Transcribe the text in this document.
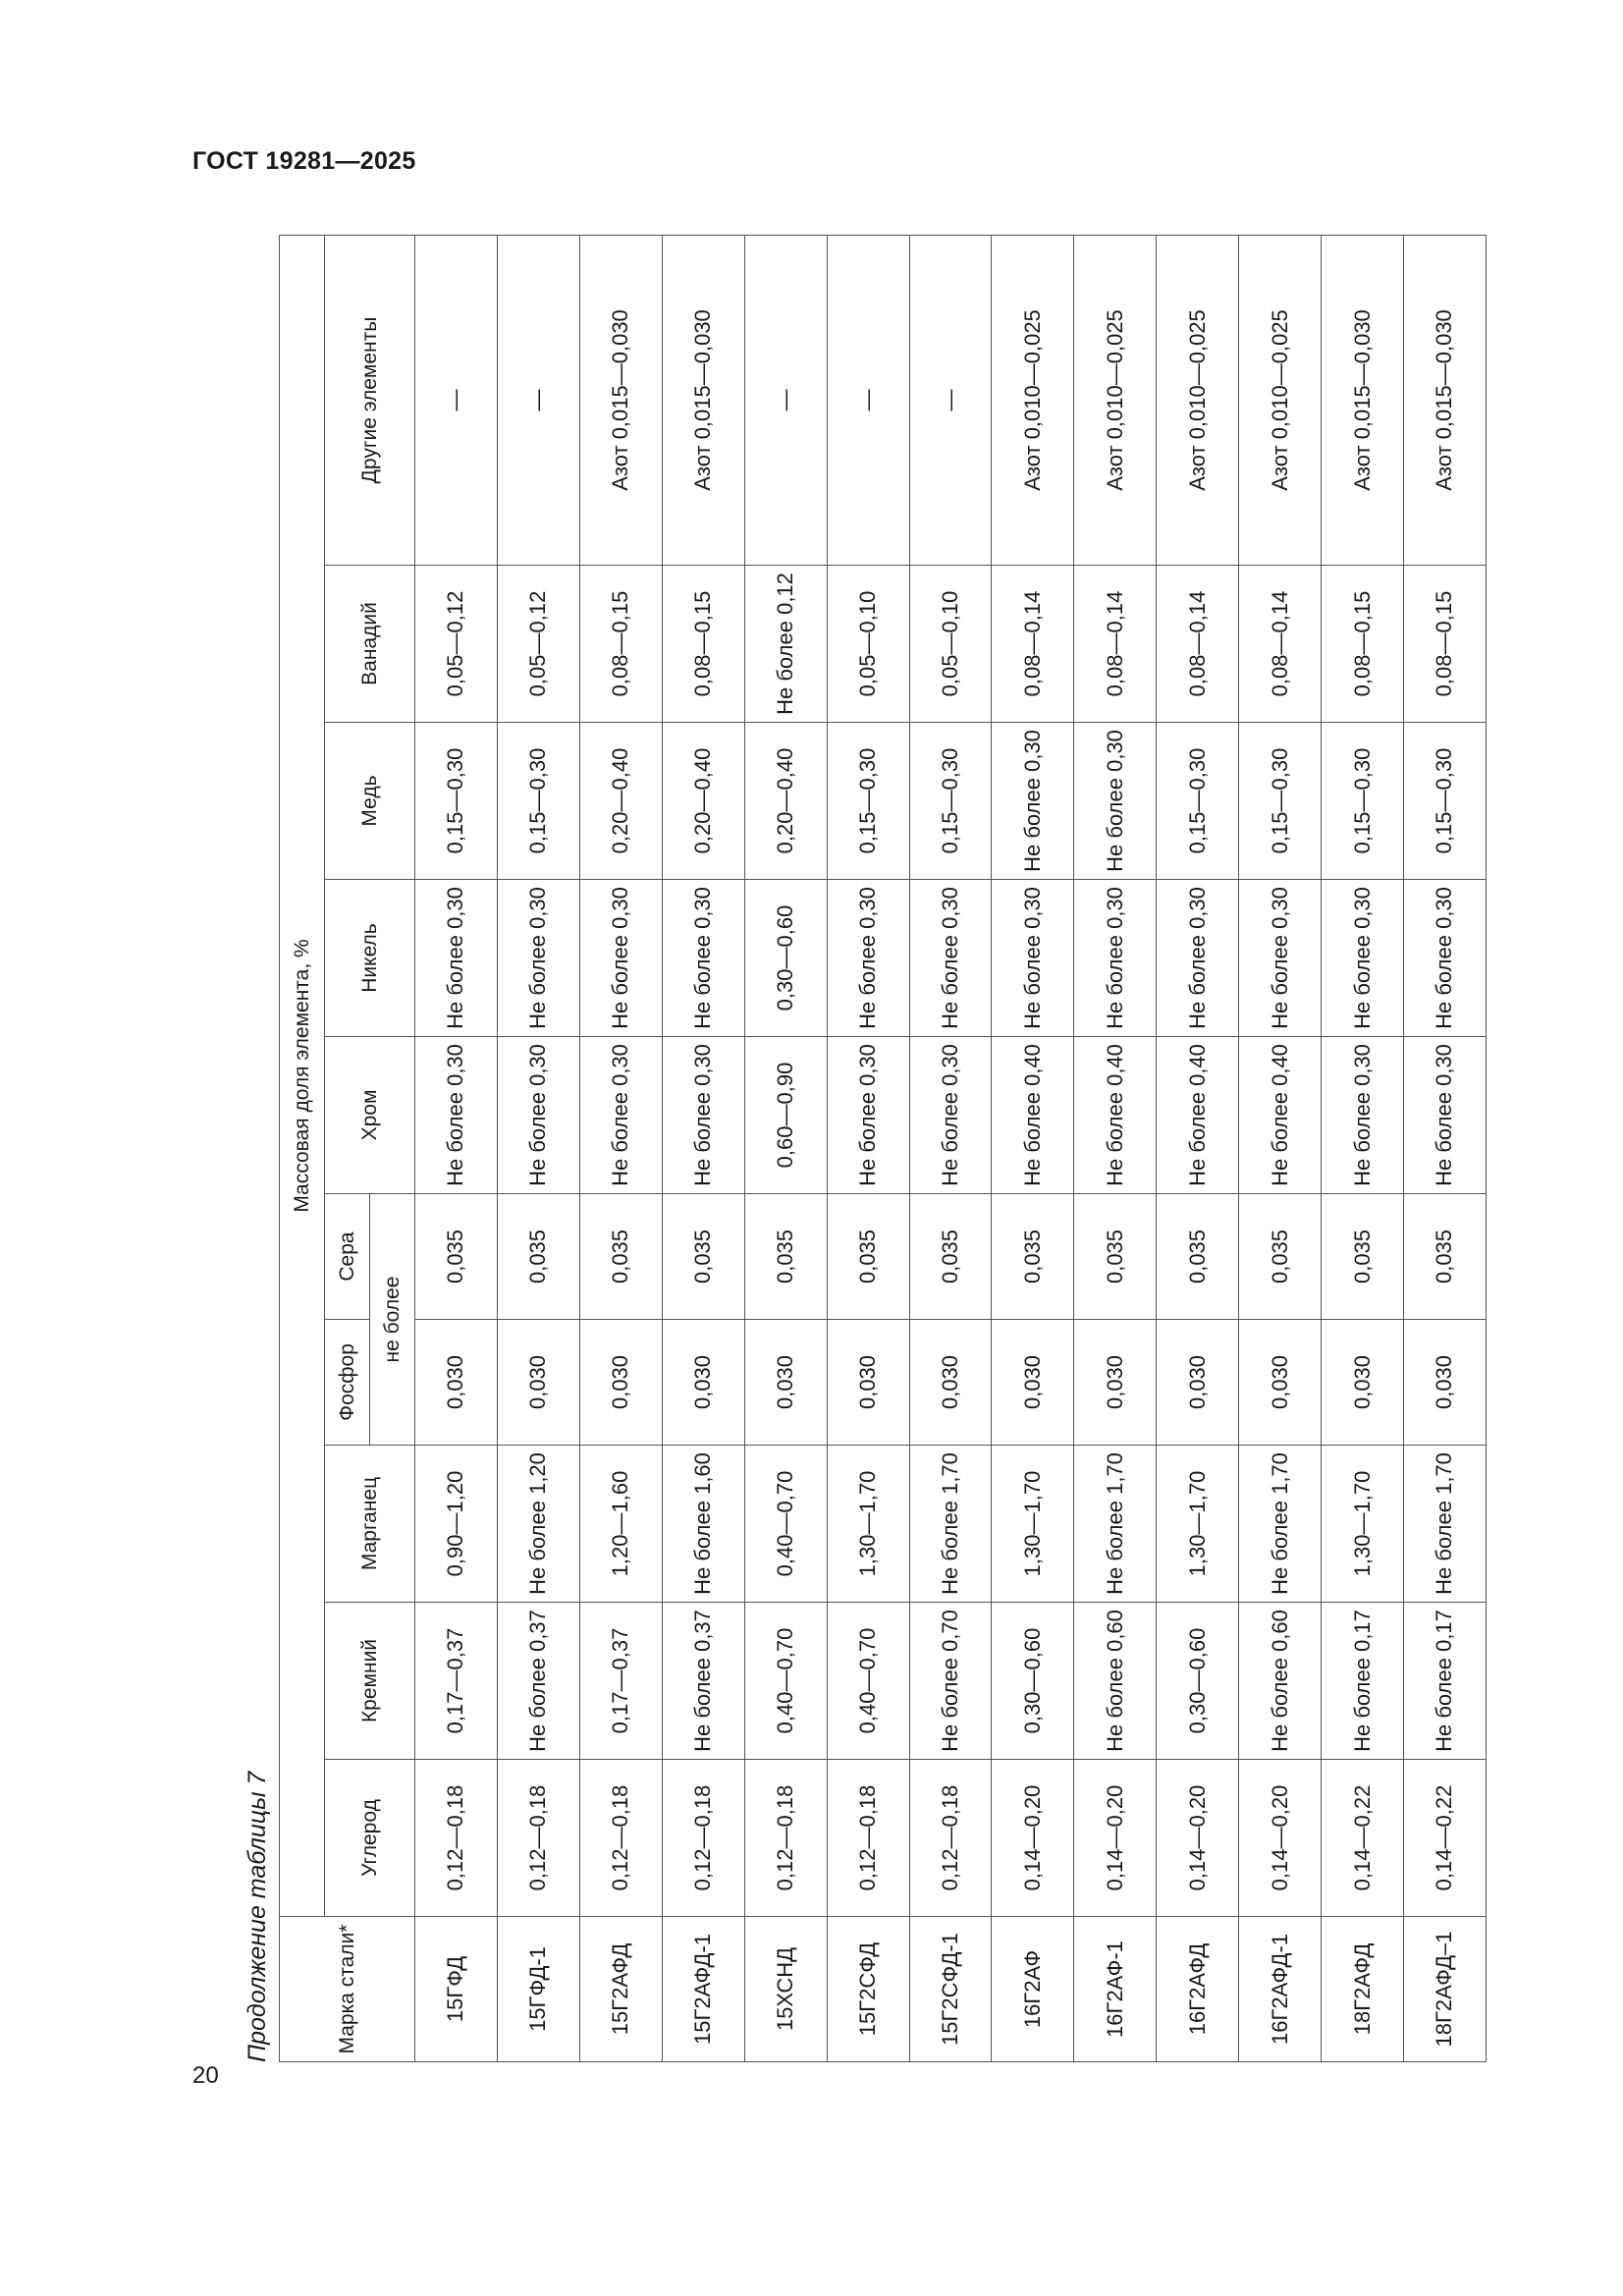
ГОСТ 19281—2025
20
Продолжение таблицы 7	Марка стали*	Массовая доля элемента, %									
	Углерод	Кремний	Марганец	Фосфор	Сера	Хром	Никель	Медь	Ванадий	Другие элементы
				не более						
15ГФД	0,12—0,18	0,17—0,37	0,90—1,20	0,030	0,035	Не более 0,30	Не более 0,30	0,15—0,30	0,05—0,12	—
15ГФД-1	0,12—0,18	Не более 0,37	Не более 1,20	0,030	0,035	Не более 0,30	Не более 0,30	0,15—0,30	0,05—0,12	—
15Г2АФД	0,12—0,18	0,17—0,37	1,20—1,60	0,030	0,035	Не более 0,30	Не более 0,30	0,20—0,40	0,08—0,15	Азот 0,015—0,030
15Г2АФД-1	0,12—0,18	Не более 0,37	Не более 1,60	0,030	0,035	Не более 0,30	Не более 0,30	0,20—0,40	0,08—0,15	Азот 0,015—0,030
15ХСНД	0,12—0,18	0,40—0,70	0,40—0,70	0,030	0,035	0,60—0,90	0,30—0,60	0,20—0,40	Не более 0,12	—
15Г2СФД	0,12—0,18	0,40—0,70	1,30—1,70	0,030	0,035	Не более 0,30	Не более 0,30	0,15—0,30	0,05—0,10	—
15Г2СФД-1	0,12—0,18	Не более 0,70	Не более 1,70	0,030	0,035	Не более 0,30	Не более 0,30	0,15—0,30	0,05—0,10	—
16Г2АФ	0,14—0,20	0,30—0,60	1,30—1,70	0,030	0,035	Не более 0,40	Не более 0,30	Не более 0,30	0,08—0,14	Азот 0,010—0,025
16Г2АФ-1	0,14—0,20	Не более 0,60	Не более 1,70	0,030	0,035	Не более 0,40	Не более 0,30	Не более 0,30	0,08—0,14	Азот 0,010—0,025
16Г2АФД	0,14—0,20	0,30—0,60	1,30—1,70	0,030	0,035	Не более 0,40	Не более 0,30	0,15—0,30	0,08—0,14	Азот 0,010—0,025
16Г2АФД-1	0,14—0,20	Не более 0,60	Не более 1,70	0,030	0,035	Не более 0,40	Не более 0,30	0,15—0,30	0,08—0,14	Азот 0,010—0,025
18Г2АФД	0,14—0,22	Не более 0,17	1,30—1,70	0,030	0,035	Не более 0,30	Не более 0,30	0,15—0,30	0,08—0,15	Азот 0,015—0,030
18Г2АФД–1	0,14—0,22	Не более 0,17	Не более 1,70	0,030	0,035	Не более 0,30	Не более 0,30	0,15—0,30	0,08—0,15	Азот 0,015—0,030
